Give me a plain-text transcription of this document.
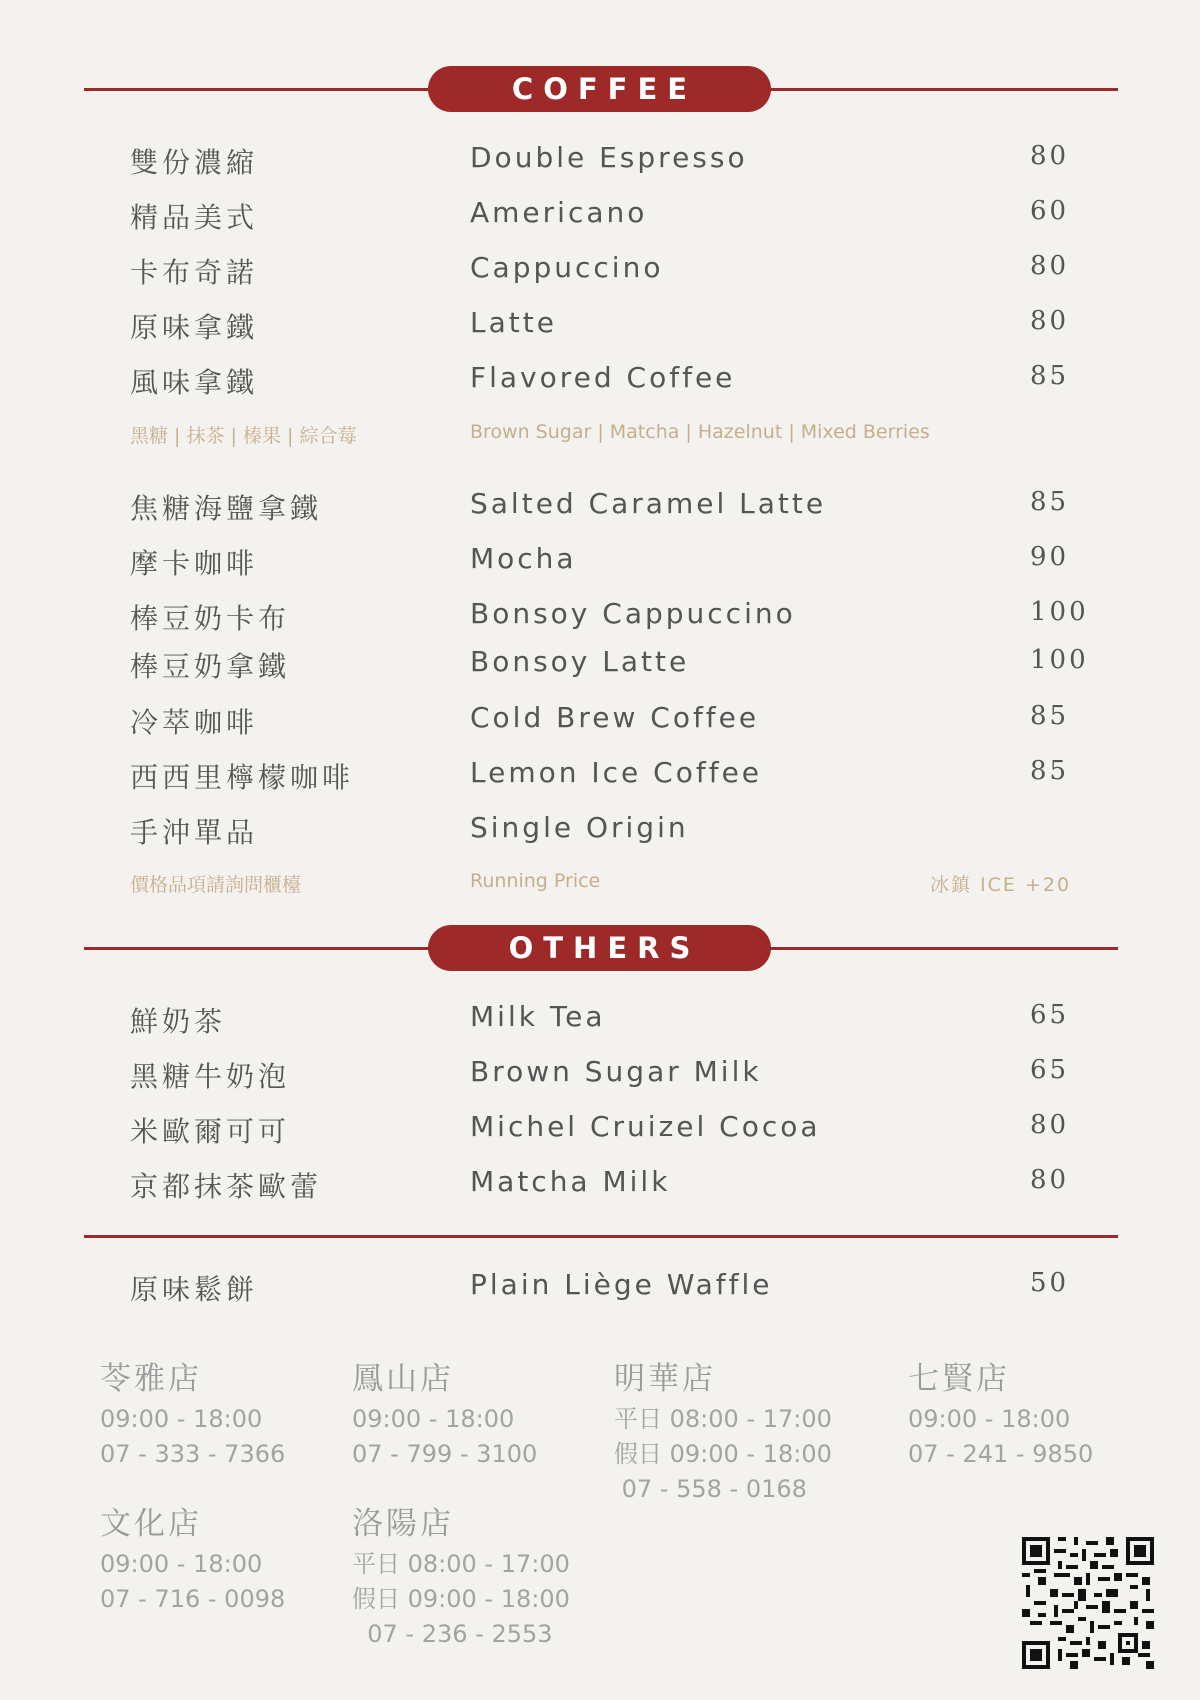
COFFEE
雙份濃縮	Double Espresso	80
精品美式	Americano	60
卡布奇諾	Cappuccino	80
原味拿鐵	Latte	80
風味拿鐵	Flavored Coffee	85
黑糖 | 抹茶 | 榛果 | 綜合莓	Brown Sugar | Matcha | Hazelnut | Mixed Berries
焦糖海鹽拿鐵	Salted Caramel Latte	85
摩卡咖啡	Mocha	90
棒豆奶卡布	Bonsoy Cappuccino	100
棒豆奶拿鐵	Bonsoy Latte	100
冷萃咖啡	Cold Brew Coffee	85
西西里檸檬咖啡	Lemon Ice Coffee	85
手沖單品	Single Origin
價格品項請詢問櫃檯	Running Price	冰鎮 ICE +20
OTHERS
鮮奶茶	Milk Tea	65
黑糖牛奶泡	Brown Sugar Milk	65
米歐爾可可	Michel Cruizel Cocoa	80
京都抹茶歐蕾	Matcha Milk	80
原味鬆餅	Plain Liège Waffle	50
苓雅店
09:00 - 18:00
07 - 333 - 7366
鳳山店
09:00 - 18:00
07 - 799 - 3100
明華店
平日 08:00 - 17:00
假日 09:00 - 18:00
07 - 558 - 0168
七賢店
09:00 - 18:00
07 - 241 - 9850
文化店
09:00 - 18:00
07 - 716 - 0098
洛陽店
平日 08:00 - 17:00
假日 09:00 - 18:00
07 - 236 - 2553
